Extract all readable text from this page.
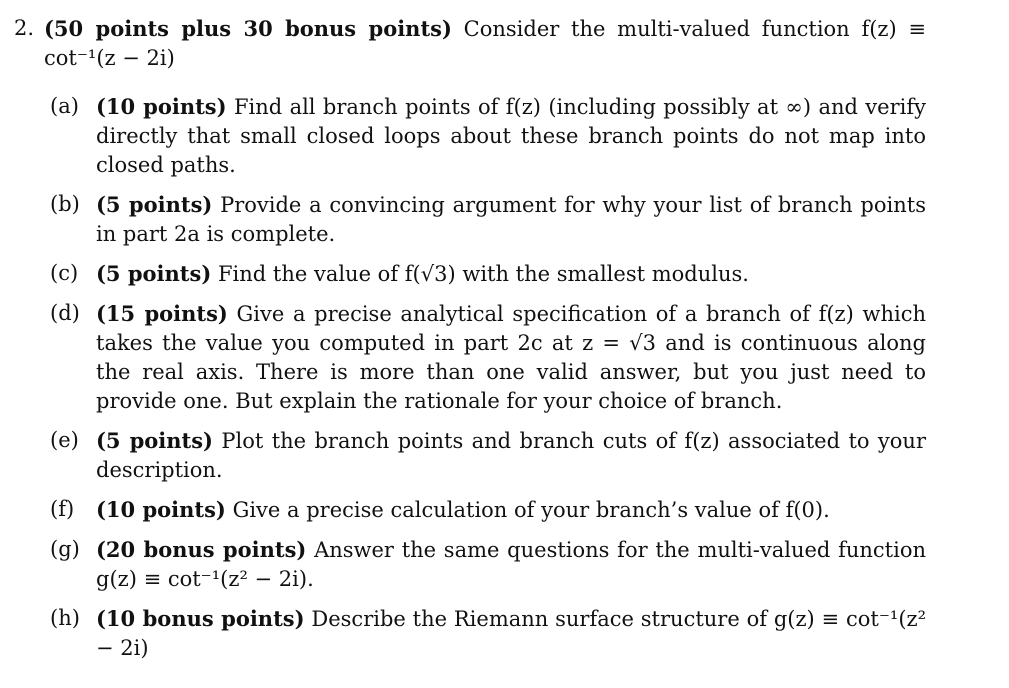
2. (50 points plus 30 bonus points) Consider the multi-valued function f(z) ≡ cot⁻¹(z − 2i)
(a) (10 points) Find all branch points of f(z) (including possibly at ∞) and verify directly that small closed loops about these branch points do not map into closed paths.
(b) (5 points) Provide a convincing argument for why your list of branch points in part 2a is complete.
(c) (5 points) Find the value of f(√3) with the smallest modulus.
(d) (15 points) Give a precise analytical specification of a branch of f(z) which takes the value you computed in part 2c at z = √3 and is continuous along the real axis. There is more than one valid answer, but you just need to provide one. But explain the rationale for your choice of branch.
(e) (5 points) Plot the branch points and branch cuts of f(z) associated to your description.
(f)	(10 points) Give a precise calculation of your branch’s value of f(0).
(g) (20 bonus points) Answer the same questions for the multi-valued function g(z) ≡ cot⁻¹(z² − 2i).
(h) (10 bonus points) Describe the Riemann surface structure of g(z) ≡ cot⁻¹(z² − 2i)
